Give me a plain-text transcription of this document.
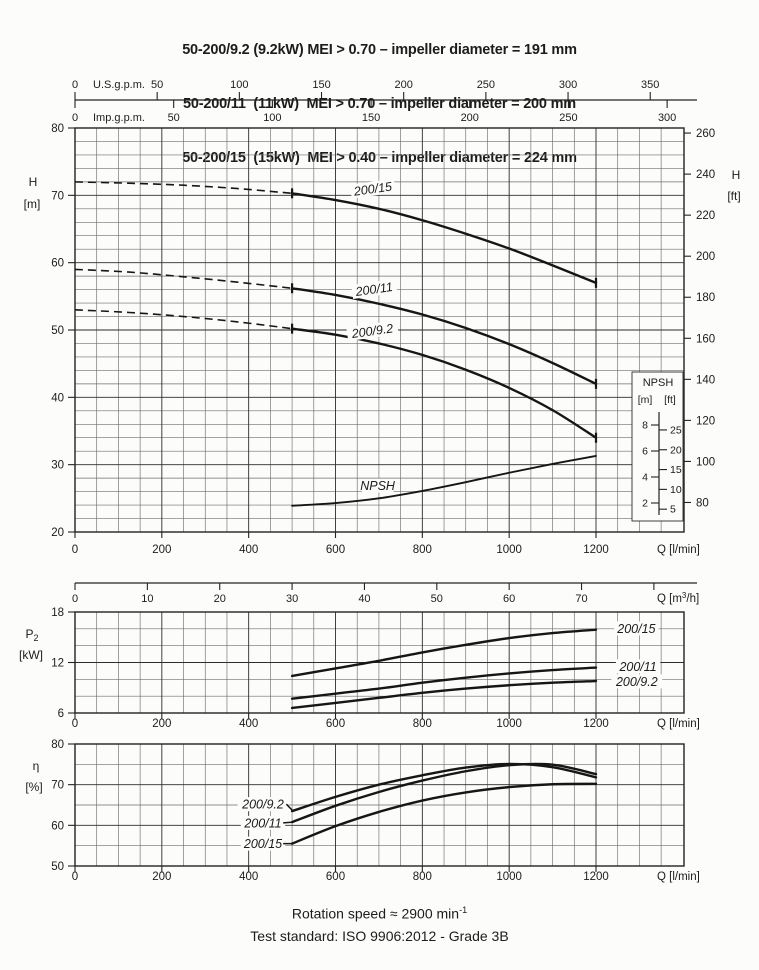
50-200/9.2 (9.2kW) MEI > 0.70 – impeller diameter = 191 mm

50-200/11  (11kW)  MEI > 0.70 – impeller diameter = 200 mm

50-200/15  (15kW)  MEI > 0.40 – impeller diameter = 224 mm

20
30
40
50
60
70
80
H
[m]
0	200	400	600	800	1000	1200	Q [l/min]
0	50	100	150	200	250	300	350
U.S.g.p.m.
0	50	100	150	200	250	300
Imp.g.p.m.
80
100
120
140
160
180
200
220
240
260
H
[ft]
NPSH
[m] [ft]
2
4
6
8
5
10
15
20
25
200/15
200/11
200/9.2
NPSH
6
12
18
$P_2$
[kW]
0	200	400	600	800	1000	1200	Q [l/min]
0	10	20	30	40	50	60	70	Q $[m^3/h]$
200/15
200/11
200/9.2
50
60
70
80
η
[%]
0	200	400	600	800	1000	1200	Q [l/min]
200/9.2
200/11
200/15
Rotation speed ≈ 2900 $\min^{-1}$
Test standard: ISO 9906:2012 - Grade 3B
